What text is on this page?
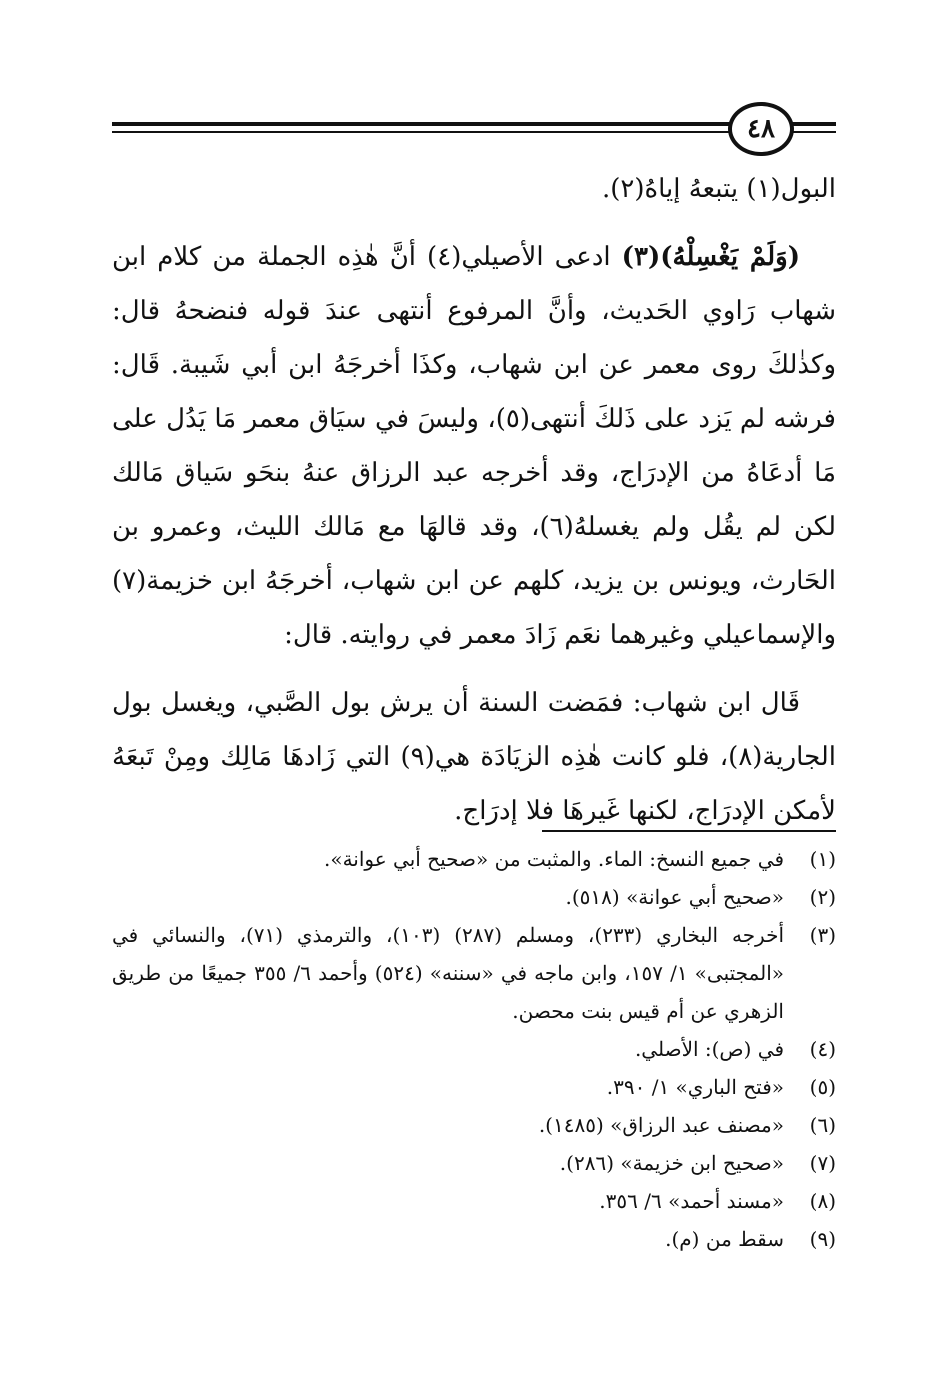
٤٨

البول(١) يتبعهُ إياهُ(٢).

(وَلَمْ يَغْسِلْهُ)(٣) ادعى الأصيلي(٤) أنَّ هٰذِه الجملة من كلام ابن شهاب رَاوي الحَديث، وأنَّ المرفوع أنتهى عندَ قوله فنضحهُ قال: وكذٰلكَ روى معمر عن ابن شهاب، وكذَا أخرجَهُ ابن أبي شَيبة. قَال: فرشه لم يَزد على ذَلكَ أنتهى(٥)، وليسَ في سيَاق معمر مَا يَدُل على مَا أدعَاهُ من الإدرَاج، وقد أخرجه عبد الرزاق عنهُ بنحَو سَياق مَالك لكن لم يقُل ولم يغسلهُ(٦)، وقد قالهَا مع مَالك الليث، وعمرو بن الحَارث، ويونس بن يزيد، كلهم عن ابن شهاب، أخرجَهُ ابن خزيمة(٧) والإسماعيلي وغيرهما نعَم زَادَ معمر في روايته. قال:

قَال ابن شهاب: فمَضت السنة أن يرش بول الصَّبي، ويغسل بول الجارية(٨)، فلو كانت هٰذِه الزيَادَة هي(٩) التي زَادهَا مَالِك ومِنْ تَبعَهُ لأمكن الإدرَاج، لكنها غَيرهَا فلا إدرَاج.

(١)
في جميع النسخ: الماء. والمثبت من «صحيح أبي عوانة».
(٢)
«صحيح أبي عوانة» (٥١٨).
(٣)
أخرجه البخاري (٢٣٣)، ومسلم (٢٨٧) (١٠٣)، والترمذي (٧١)، والنسائي في «المجتبى» ١/ ١٥٧، وابن ماجه في «سننه» (٥٢٤) وأحمد ٦/ ٣٥٥ جميعًا من طريق الزهري عن أم قيس بنت محصن.
(٤)
في (ص): الأصلي.
(٥)
«فتح الباري» ١/ ٣٩٠.
(٦)
«مصنف عبد الرزاق» (١٤٨٥).
(٧)
«صحيح ابن خزيمة» (٢٨٦).
(٨)
«مسند أحمد» ٦/ ٣٥٦.
(٩)
سقط من (م).
